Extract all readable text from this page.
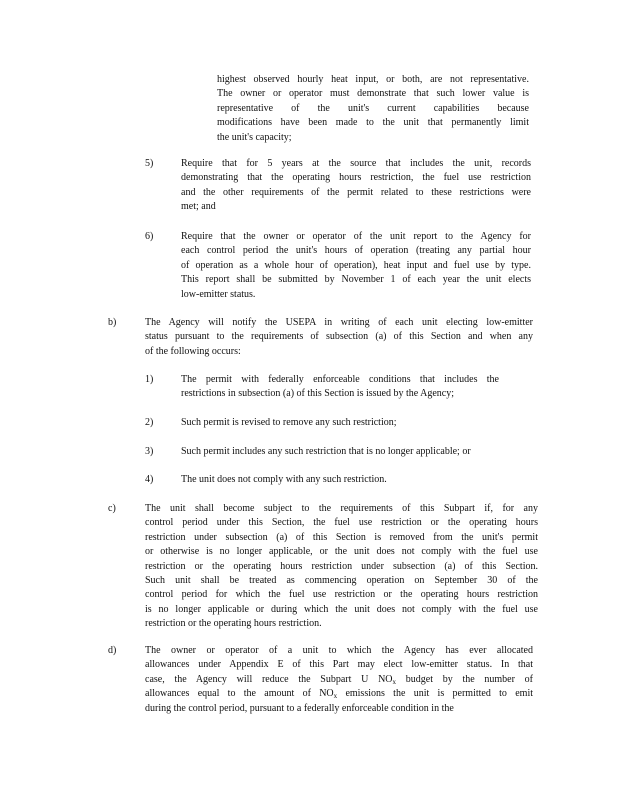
highest observed hourly heat input, or both, are not representative.

The owner or operator must demonstrate that such lower value is

representative of the unit's current capabilities because

modifications have been made to the unit that permanently limit

the unit's capacity;

5)	Require that for 5 years at the source that includes the unit, records

demonstrating that the operating hours restriction, the fuel use restriction

and the other requirements of the permit related to these restrictions were

met; and

6)	Require that the owner or operator of the unit report to the Agency for

each control period the unit's hours of operation (treating any partial hour

of operation as a whole hour of operation), heat input and fuel use by type.

This report shall be submitted by November 1 of each year the unit elects

low-emitter status.

b)	The Agency will notify the USEPA in writing of each unit electing low-emitter

status pursuant to the requirements of subsection (a) of this Section and when any

of the following occurs:

1)	The permit with federally enforceable conditions that includes the

restrictions in subsection (a) of this Section is issued by the Agency;

2)	Such permit is revised to remove any such restriction;

3)	Such permit includes any such restriction that is no longer applicable; or

4)	The unit does not comply with any such restriction.

c)	The unit shall become subject to the requirements of this Subpart if, for any

control period under this Section, the fuel use restriction or the operating hours

restriction under subsection (a) of this Section is removed from the unit's permit

or otherwise is no longer applicable, or the unit does not comply with the fuel use

restriction or the operating hours restriction under subsection (a) of this Section.

Such unit shall be treated as commencing operation on September 30 of the

control period for which the fuel use restriction or the operating hours restriction

is no longer applicable or during which the unit does not comply with the fuel use

restriction or the operating hours restriction.

d)	The owner or operator of a unit to which the Agency has ever allocated

allowances under Appendix E of this Part may elect low-emitter status. In that

case, the Agency will reduce the Subpart U $NO_x$ budget by the number of

allowances equal to the amount of $NO_x$ emissions the unit is permitted to emit

during the control period, pursuant to a federally enforceable condition in the
